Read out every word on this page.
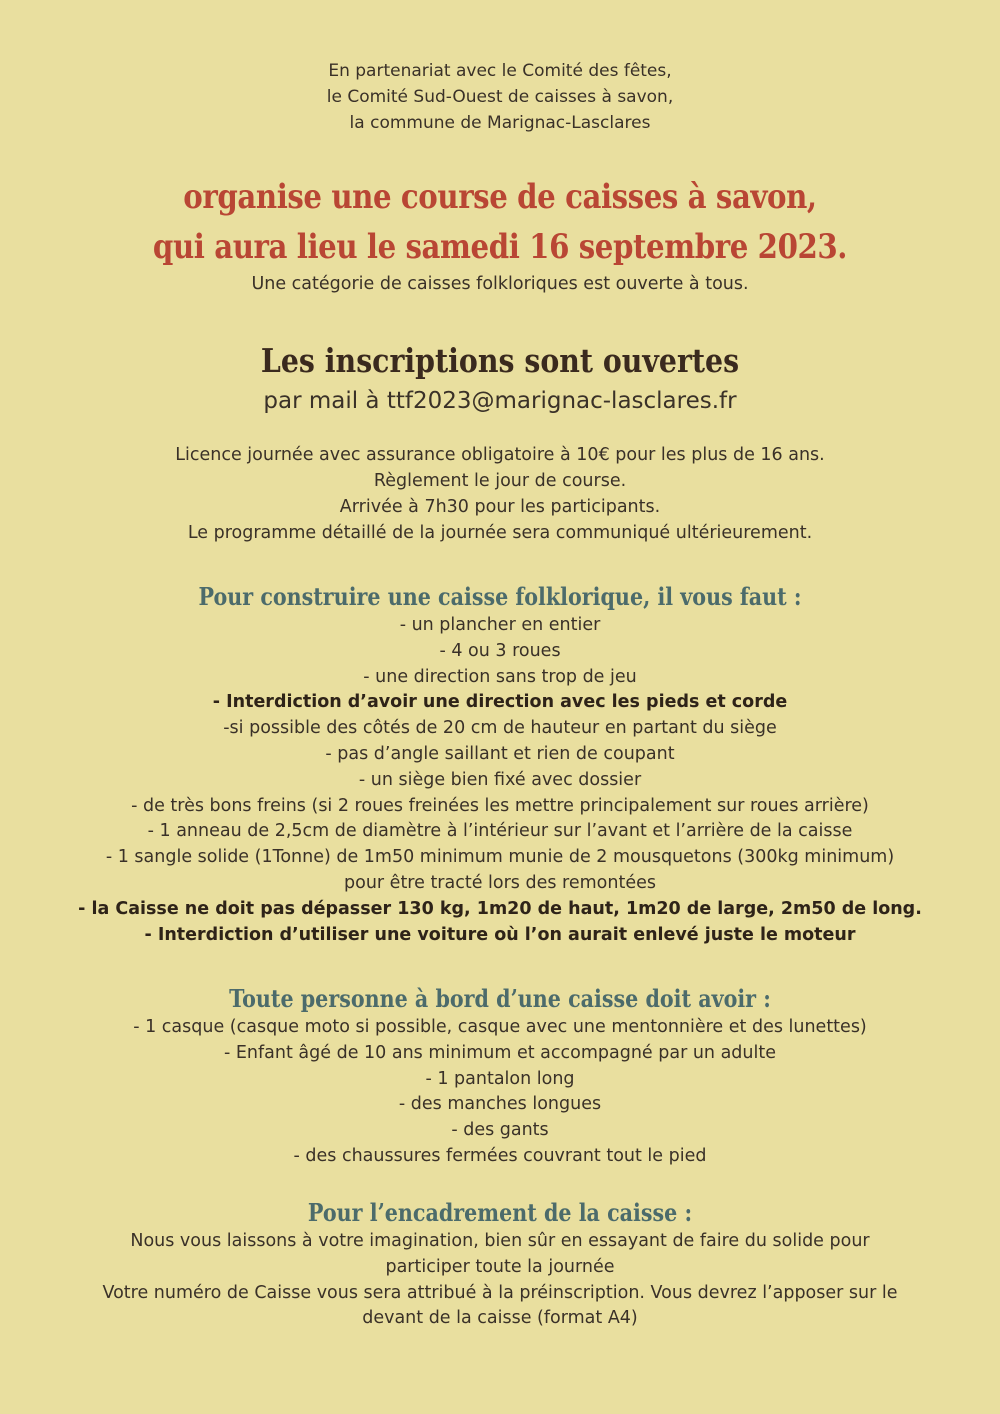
En partenariat avec le Comité des fêtes,
le Comité Sud-Ouest de caisses à savon,
la commune de Marignac-Lasclares
organise une course de caisses à savon,
qui aura lieu le samedi 16 septembre 2023.
Une catégorie de caisses folkloriques est ouverte à tous.
Les inscriptions sont ouvertes
par mail à ttf2023@marignac-lasclares.fr
Licence journée avec assurance obligatoire à 10€ pour les plus de 16 ans.
Règlement le jour de course.
Arrivée à 7h30 pour les participants.
Le programme détaillé de la journée sera communiqué ultérieurement.
Pour construire une caisse folklorique, il vous faut :
- un plancher en entier
- 4 ou 3 roues
- une direction sans trop de jeu
- Interdiction d’avoir une direction avec les pieds et corde
-si possible des côtés de 20 cm de hauteur en partant du siège
- pas d’angle saillant et rien de coupant
- un siège bien fixé avec dossier
- de très bons freins (si 2 roues freinées les mettre principalement sur roues arrière)
- 1 anneau de 2,5cm de diamètre à l’intérieur sur l’avant et l’arrière de la caisse
- 1 sangle solide (1Tonne) de 1m50 minimum munie de 2 mousquetons (300kg minimum)
pour être tracté lors des remontées
- la Caisse ne doit pas dépasser 130 kg, 1m20 de haut, 1m20 de large, 2m50 de long.
- Interdiction d’utiliser une voiture où l’on aurait enlevé juste le moteur
Toute personne à bord d’une caisse doit avoir :
- 1 casque (casque moto si possible, casque avec une mentonnière et des lunettes)
- Enfant âgé de 10 ans minimum et accompagné par un adulte
- 1 pantalon long
- des manches longues
- des gants
- des chaussures fermées couvrant tout le pied
Pour l’encadrement de la caisse :
Nous vous laissons à votre imagination, bien sûr en essayant de faire du solide pour
participer toute la journée
Votre numéro de Caisse vous sera attribué à la préinscription. Vous devrez l’apposer sur le
devant de la caisse (format A4)
